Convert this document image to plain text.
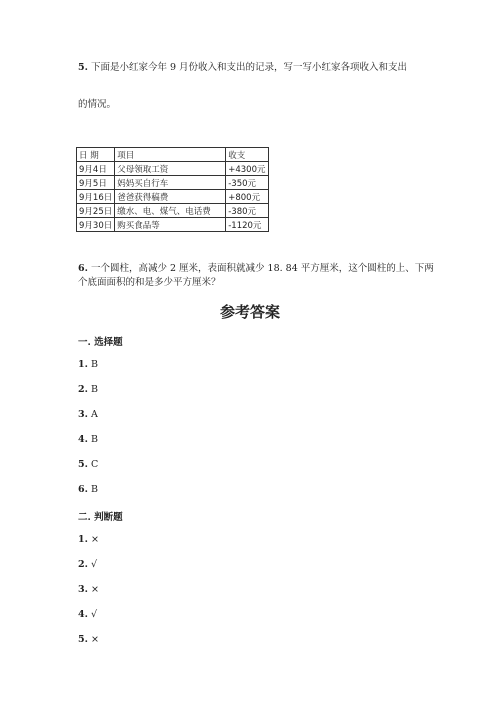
5. 下面是小红家今年 9 月份收入和支出的记录，写一写小红家各项收入和支出
的情况。
日 期	项目	收支
9月4日	父母领取工资	+4300元
9月5日	妈妈买自行车	-350元
9月16日	爸爸获得稿费	+800元
9月25日	缴水、电、煤气、电话费	-380元
9月30日	购买食品等	-1120元
6. 一个圆柱，高减少 2 厘米，表面积就减少 18. 84 平方厘米，这个圆柱的上、下两个底面面积的和是多少平方厘米？
参考答案
一. 选择题
1. B
2. B
3. A
4. B
5. C
6. B
二. 判断题
1. ×
2. √
3. ×
4. √
5. ×
